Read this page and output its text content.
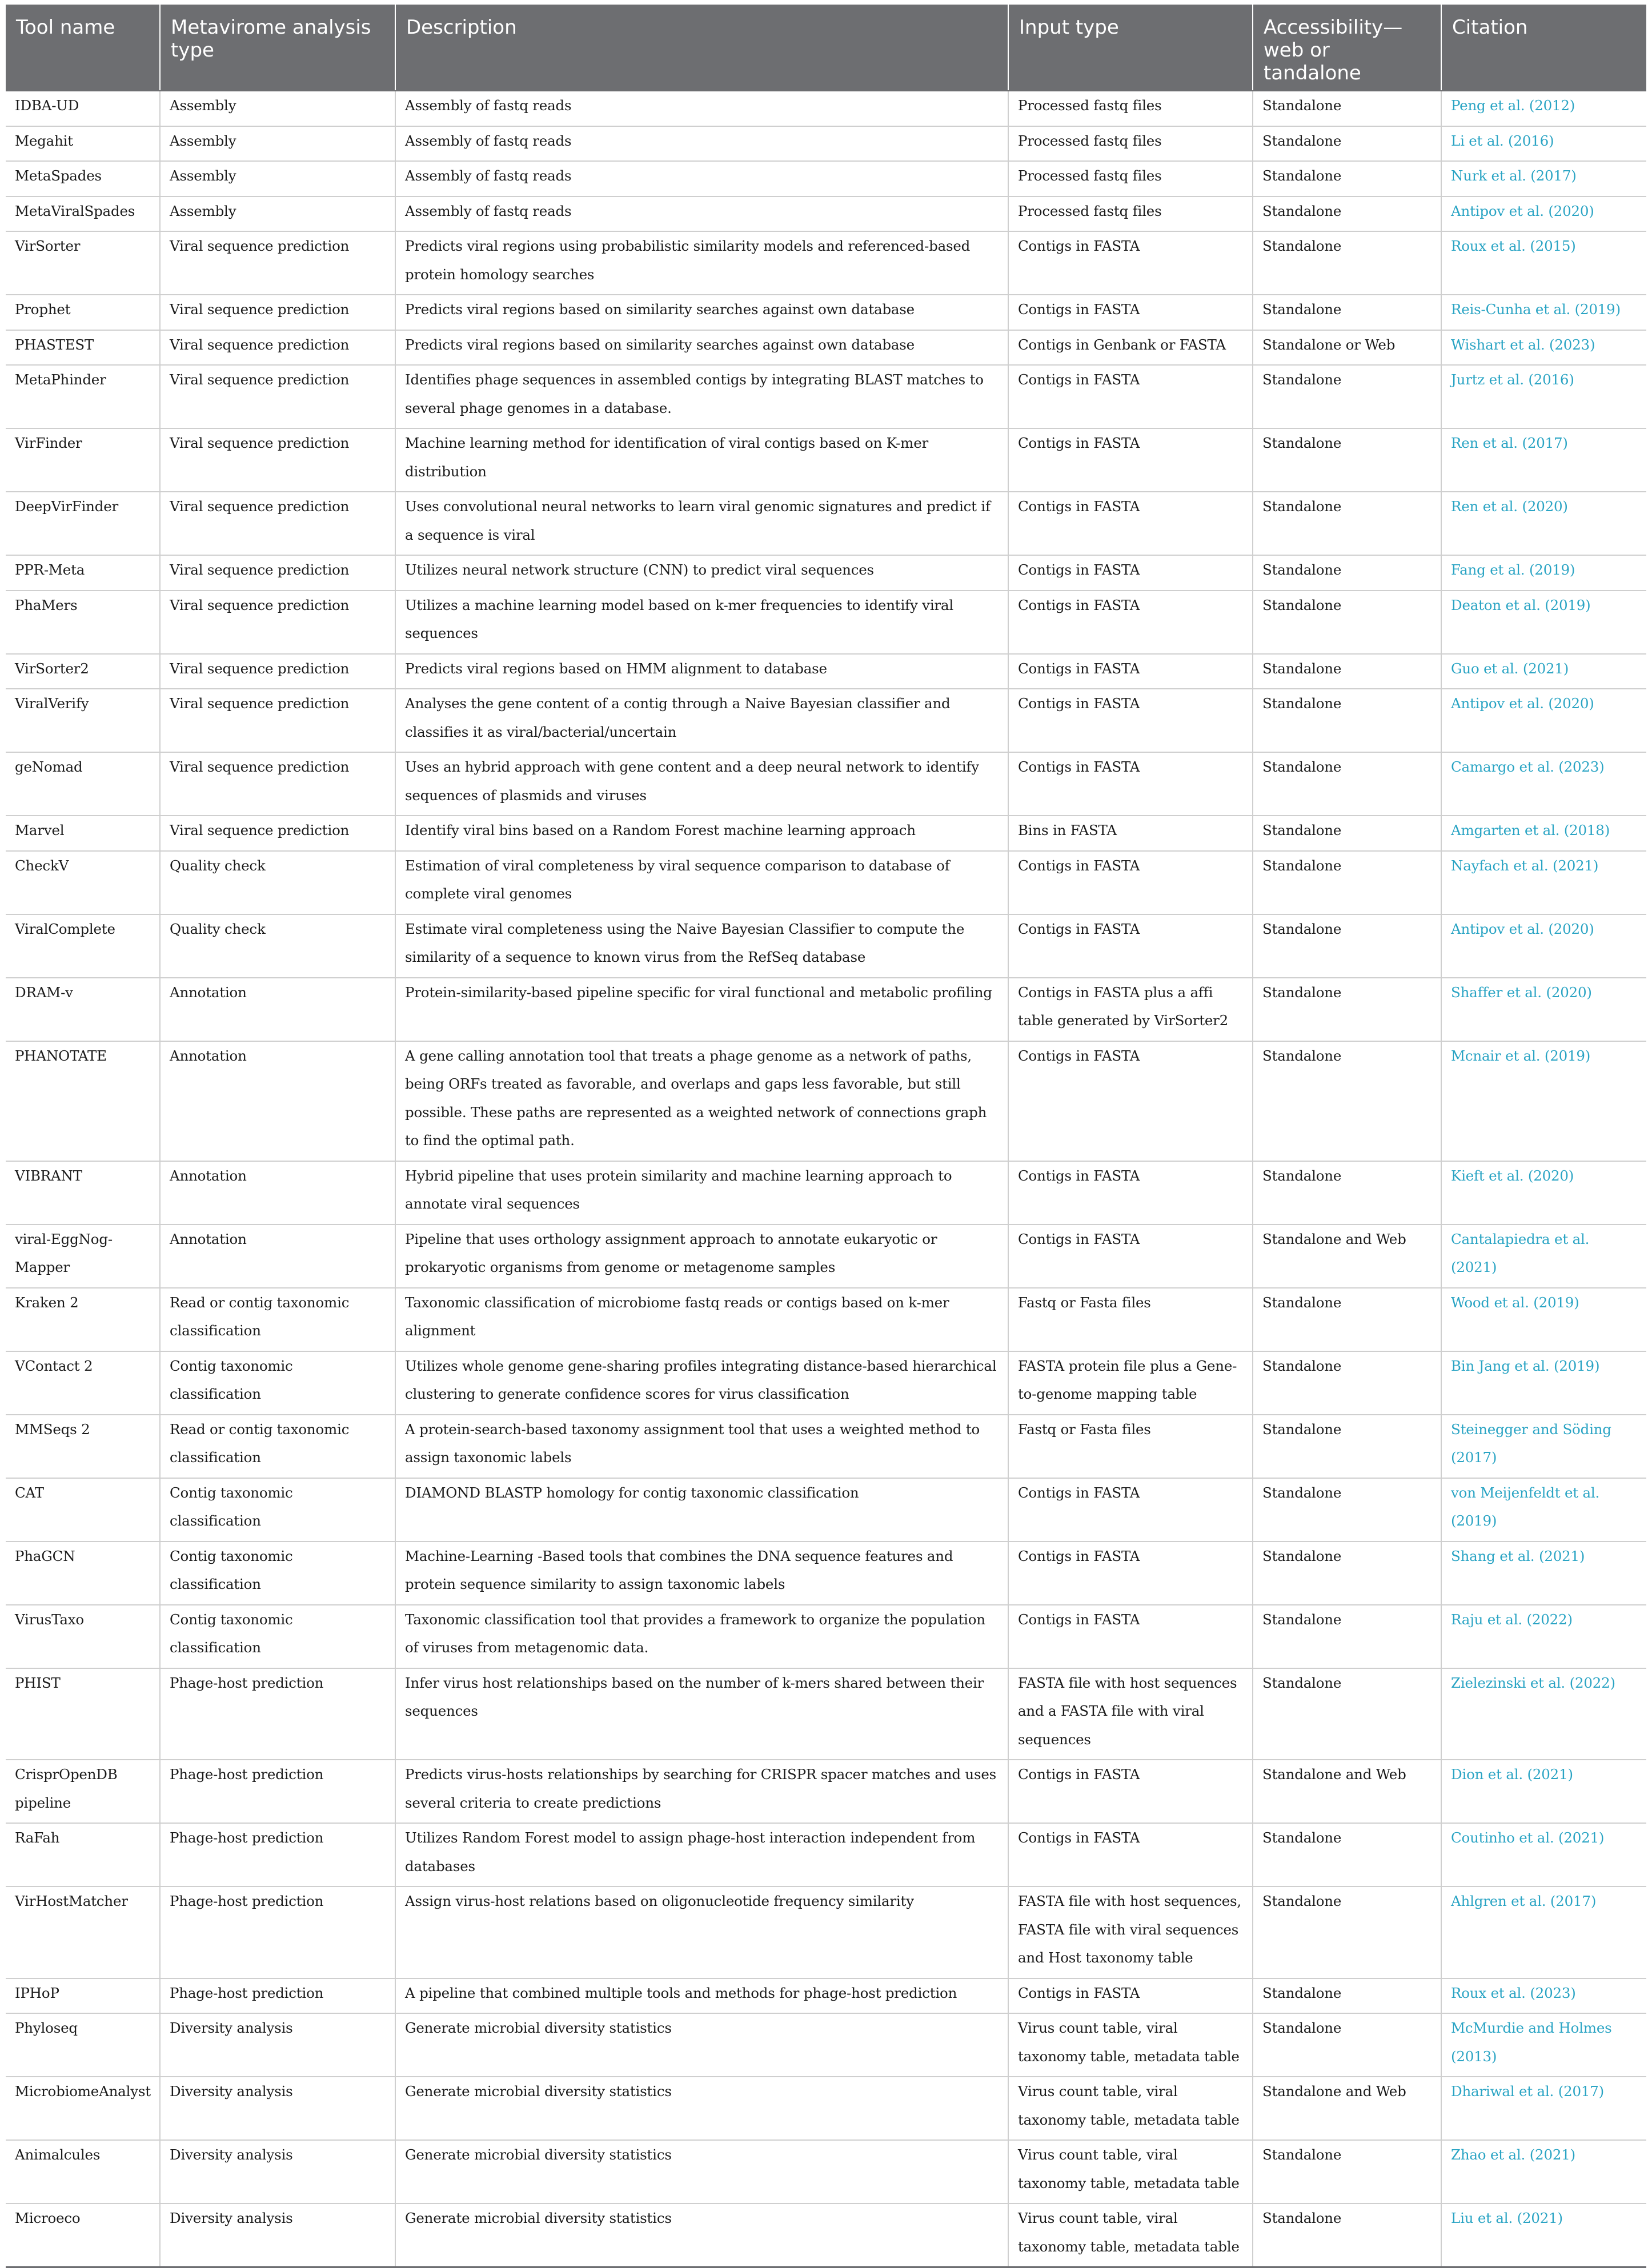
Tool name	Metavirome analysis type	Description	Input type	Accessibility—web or tandalone	Citation
IDBA-UD	Assembly	Assembly of fastq reads	Processed fastq files	Standalone	Peng et al. (2012)
Megahit	Assembly	Assembly of fastq reads	Processed fastq files	Standalone	Li et al. (2016)
MetaSpades	Assembly	Assembly of fastq reads	Processed fastq files	Standalone	Nurk et al. (2017)
MetaViralSpades	Assembly	Assembly of fastq reads	Processed fastq files	Standalone	Antipov et al. (2020)
VirSorter	Viral sequence prediction	Predicts viral regions using probabilistic similarity models and referenced-based protein homology searches	Contigs in FASTA	Standalone	Roux et al. (2015)
Prophet	Viral sequence prediction	Predicts viral regions based on similarity searches against own database	Contigs in FASTA	Standalone	Reis-Cunha et al. (2019)
PHASTEST	Viral sequence prediction	Predicts viral regions based on similarity searches against own database	Contigs in Genbank or FASTA	Standalone or Web	Wishart et al. (2023)
MetaPhinder	Viral sequence prediction	Identifies phage sequences in assembled contigs by integrating BLAST matches to several phage genomes in a database.	Contigs in FASTA	Standalone	Jurtz et al. (2016)
VirFinder	Viral sequence prediction	Machine learning method for identification of viral contigs based on K-mer distribution	Contigs in FASTA	Standalone	Ren et al. (2017)
DeepVirFinder	Viral sequence prediction	Uses convolutional neural networks to learn viral genomic signatures and predict if a sequence is viral	Contigs in FASTA	Standalone	Ren et al. (2020)
PPR-Meta	Viral sequence prediction	Utilizes neural network structure (CNN) to predict viral sequences	Contigs in FASTA	Standalone	Fang et al. (2019)
PhaMers	Viral sequence prediction	Utilizes a machine learning model based on k-mer frequencies to identify viral sequences	Contigs in FASTA	Standalone	Deaton et al. (2019)
VirSorter2	Viral sequence prediction	Predicts viral regions based on HMM alignment to database	Contigs in FASTA	Standalone	Guo et al. (2021)
ViralVerify	Viral sequence prediction	Analyses the gene content of a contig through a Naive Bayesian classifier and classifies it as viral/bacterial/uncertain	Contigs in FASTA	Standalone	Antipov et al. (2020)
geNomad	Viral sequence prediction	Uses an hybrid approach with gene content and a deep neural network to identify sequences of plasmids and viruses	Contigs in FASTA	Standalone	Camargo et al. (2023)
Marvel	Viral sequence prediction	Identify viral bins based on a Random Forest machine learning approach	Bins in FASTA	Standalone	Amgarten et al. (2018)
CheckV	Quality check	Estimation of viral completeness by viral sequence comparison to database of complete viral genomes	Contigs in FASTA	Standalone	Nayfach et al. (2021)
ViralComplete	Quality check	Estimate viral completeness using the Naive Bayesian Classifier to compute the similarity of a sequence to known virus from the RefSeq database	Contigs in FASTA	Standalone	Antipov et al. (2020)
DRAM-v	Annotation	Protein-similarity-based pipeline specific for viral functional and metabolic profiling	Contigs in FASTA plus a affi table generated by VirSorter2	Standalone	Shaffer et al. (2020)
PHANOTATE	Annotation	A gene calling annotation tool that treats a phage genome as a network of paths, being ORFs treated as favorable, and overlaps and gaps less favorable, but still possible. These paths are represented as a weighted network of connections graph to find the optimal path.	Contigs in FASTA	Standalone	Mcnair et al. (2019)
VIBRANT	Annotation	Hybrid pipeline that uses protein similarity and machine learning approach to annotate viral sequences	Contigs in FASTA	Standalone	Kieft et al. (2020)
viral-EggNog-Mapper	Annotation	Pipeline that uses orthology assignment approach to annotate eukaryotic or prokaryotic organisms from genome or metagenome samples	Contigs in FASTA	Standalone and Web	Cantalapiedra et al. (2021)
Kraken 2	Read or contig taxonomic classification	Taxonomic classification of microbiome fastq reads or contigs based on k-mer alignment	Fastq or Fasta files	Standalone	Wood et al. (2019)
VContact 2	Contig taxonomic classification	Utilizes whole genome gene-sharing profiles integrating distance-based hierarchical clustering to generate confidence scores for virus classification	FASTA protein file plus a Gene-to-genome mapping table	Standalone	Bin Jang et al. (2019)
MMSeqs 2	Read or contig taxonomic classification	A protein-search-based taxonomy assignment tool that uses a weighted method to assign taxonomic labels	Fastq or Fasta files	Standalone	Steinegger and Söding (2017)
CAT	Contig taxonomic classification	DIAMOND BLASTP homology for contig taxonomic classification	Contigs in FASTA	Standalone	von Meijenfeldt et al. (2019)
PhaGCN	Contig taxonomic classification	Machine-Learning -Based tools that combines the DNA sequence features and protein sequence similarity to assign taxonomic labels	Contigs in FASTA	Standalone	Shang et al. (2021)
VirusTaxo	Contig taxonomic classification	Taxonomic classification tool that provides a framework to organize the population of viruses from metagenomic data.	Contigs in FASTA	Standalone	Raju et al. (2022)
PHIST	Phage-host prediction	Infer virus host relationships based on the number of k-mers shared between their sequences	FASTA file with host sequences and a FASTA file with viral sequences	Standalone	Zielezinski et al. (2022)
CrisprOpenDB pipeline	Phage-host prediction	Predicts virus-hosts relationships by searching for CRISPR spacer matches and uses several criteria to create predictions	Contigs in FASTA	Standalone and Web	Dion et al. (2021)
RaFah	Phage-host prediction	Utilizes Random Forest model to assign phage-host interaction independent from databases	Contigs in FASTA	Standalone	Coutinho et al. (2021)
VirHostMatcher	Phage-host prediction	Assign virus-host relations based on oligonucleotide frequency similarity	FASTA file with host sequences, FASTA file with viral sequences and Host taxonomy table	Standalone	Ahlgren et al. (2017)
IPHoP	Phage-host prediction	A pipeline that combined multiple tools and methods for phage-host prediction	Contigs in FASTA	Standalone	Roux et al. (2023)
Phyloseq	Diversity analysis	Generate microbial diversity statistics	Virus count table, viral taxonomy table, metadata table	Standalone	McMurdie and Holmes (2013)
MicrobiomeAnalyst	Diversity analysis	Generate microbial diversity statistics	Virus count table, viral taxonomy table, metadata table	Standalone and Web	Dhariwal et al. (2017)
Animalcules	Diversity analysis	Generate microbial diversity statistics	Virus count table, viral taxonomy table, metadata table	Standalone	Zhao et al. (2021)
Microeco	Diversity analysis	Generate microbial diversity statistics	Virus count table, viral taxonomy table, metadata table	Standalone	Liu et al. (2021)
